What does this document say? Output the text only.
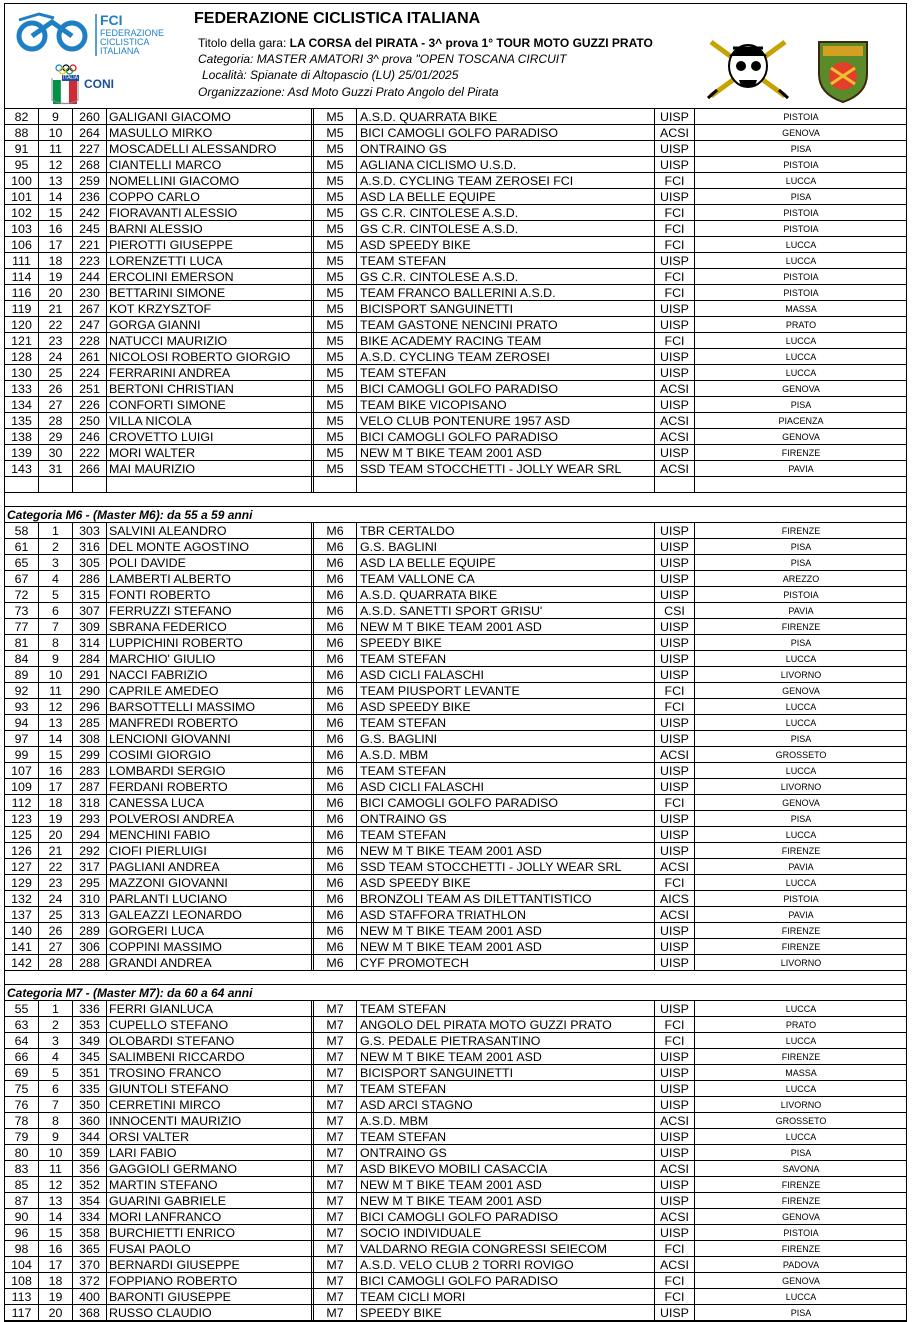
FCI
FEDERAZIONE
CICLISTICA
ITALIANA
ITALIA CONI
FEDERAZIONE CICLISTICA ITALIANA
Titolo della gara: LA CORSA del PIRATA - 3^ prova 1° TOUR MOTO GUZZI PRATO
Categoria: MASTER AMATORI 3^ prova "OPEN TOSCANA CIRCUIT
Località: Spianate di Altopascio (LU) 25/01/2025
Organizzazione: Asd Moto Guzzi Prato Angolo del Pirata
82	9	260 GALIGANI GIACOMO	M5	A.S.D. QUARRATA BIKE	UISP	PISTOIA
88	10	264 MASULLO MIRKO	M5	BICI CAMOGLI GOLFO PARADISO	ACSI	GENOVA
91	11	227 MOSCADELLI ALESSANDRO	M5	ONTRAINO GS	UISP	PISA
95	12	268 CIANTELLI MARCO	M5	AGLIANA CICLISMO U.S.D.	UISP	PISTOIA
100	13	259 NOMELLINI GIACOMO	M5	A.S.D. CYCLING TEAM ZEROSEI FCI	FCI	LUCCA
101	14	236 COPPO CARLO	M5	ASD LA BELLE EQUIPE	UISP	PISA
102	15	242 FIORAVANTI ALESSIO	M5	GS C.R. CINTOLESE A.S.D.	FCI	PISTOIA
103	16	245 BARNI ALESSIO	M5	GS C.R. CINTOLESE A.S.D.	FCI	PISTOIA
106	17	221 PIEROTTI GIUSEPPE	M5	ASD SPEEDY BIKE	FCI	LUCCA
111	18	223 LORENZETTI LUCA	M5	TEAM STEFAN	UISP	LUCCA
114	19	244 ERCOLINI EMERSON	M5	GS C.R. CINTOLESE A.S.D.	FCI	PISTOIA
116	20	230 BETTARINI SIMONE	M5	TEAM FRANCO BALLERINI A.S.D.	FCI	PISTOIA
119	21	267 KOT KRZYSZTOF	M5	BICISPORT SANGUINETTI	UISP	MASSA
120	22	247 GORGA GIANNI	M5	TEAM GASTONE NENCINI PRATO	UISP	PRATO
121	23	228 NATUCCI MAURIZIO	M5	BIKE ACADEMY RACING TEAM	FCI	LUCCA
128	24	261 NICOLOSI ROBERTO GIORGIO	M5	A.S.D. CYCLING TEAM ZEROSEI	UISP	LUCCA
130	25	224 FERRARINI ANDREA	M5	TEAM STEFAN	UISP	LUCCA
133	26	251 BERTONI CHRISTIAN	M5	BICI CAMOGLI GOLFO PARADISO	ACSI	GENOVA
134	27	226 CONFORTI SIMONE	M5	TEAM BIKE VICOPISANO	UISP	PISA
135	28	250 VILLA NICOLA	M5	VELO CLUB PONTENURE 1957 ASD	ACSI	PIACENZA
138	29	246 CROVETTO LUIGI	M5	BICI CAMOGLI GOLFO PARADISO	ACSI	GENOVA
139	30	222 MORI WALTER	M5	NEW M T BIKE TEAM 2001 ASD	UISP	FIRENZE
143	31	266 MAI MAURIZIO	M5	SSD TEAM STOCCHETTI - JOLLY WEAR SRL	ACSI	PAVIA
Categoria M6 - (Master M6): da 55 a 59 anni
58	1	303 SALVINI ALEANDRO	M6	TBR CERTALDO	UISP	FIRENZE
61	2	316 DEL MONTE AGOSTINO	M6	G.S. BAGLINI	UISP	PISA
65	3	305 POLI DAVIDE	M6	ASD LA BELLE EQUIPE	UISP	PISA
67	4	286 LAMBERTI ALBERTO	M6	TEAM VALLONE CA	UISP	AREZZO
72	5	315 FONTI ROBERTO	M6	A.S.D. QUARRATA BIKE	UISP	PISTOIA
73	6	307 FERRUZZI STEFANO	M6	A.S.D. SANETTI SPORT GRISU'	CSI	PAVIA
77	7	309 SBRANA FEDERICO	M6	NEW M T BIKE TEAM 2001 ASD	UISP	FIRENZE
81	8	314 LUPPICHINI ROBERTO	M6	SPEEDY BIKE	UISP	PISA
84	9	284 MARCHIO' GIULIO	M6	TEAM STEFAN	UISP	LUCCA
89	10	291 NACCI FABRIZIO	M6	ASD CICLI FALASCHI	UISP	LIVORNO
92	11	290 CAPRILE AMEDEO	M6	TEAM PIUSPORT LEVANTE	FCI	GENOVA
93	12	296 BARSOTTELLI MASSIMO	M6	ASD SPEEDY BIKE	FCI	LUCCA
94	13	285 MANFREDI ROBERTO	M6	TEAM STEFAN	UISP	LUCCA
97	14	308 LENCIONI GIOVANNI	M6	G.S. BAGLINI	UISP	PISA
99	15	299 COSIMI GIORGIO	M6	A.S.D. MBM	ACSI	GROSSETO
107	16	283 LOMBARDI SERGIO	M6	TEAM STEFAN	UISP	LUCCA
109	17	287 FERDANI ROBERTO	M6	ASD CICLI FALASCHI	UISP	LIVORNO
112	18	318 CANESSA LUCA	M6	BICI CAMOGLI GOLFO PARADISO	FCI	GENOVA
123	19	293 POLVEROSI ANDREA	M6	ONTRAINO GS	UISP	PISA
125	20	294 MENCHINI FABIO	M6	TEAM STEFAN	UISP	LUCCA
126	21	292 CIOFI PIERLUIGI	M6	NEW M T BIKE TEAM 2001 ASD	UISP	FIRENZE
127	22	317 PAGLIANI ANDREA	M6	SSD TEAM STOCCHETTI - JOLLY WEAR SRL	ACSI	PAVIA
129	23	295 MAZZONI GIOVANNI	M6	ASD SPEEDY BIKE	FCI	LUCCA
132	24	310 PARLANTI LUCIANO	M6	BRONZOLI TEAM AS DILETTANTISTICO	AICS	PISTOIA
137	25	313 GALEAZZI LEONARDO	M6	ASD STAFFORA TRIATHLON	ACSI	PAVIA
140	26	289 GORGERI LUCA	M6	NEW M T BIKE TEAM 2001 ASD	UISP	FIRENZE
141	27	306 COPPINI MASSIMO	M6	NEW M T BIKE TEAM 2001 ASD	UISP	FIRENZE
142	28	288 GRANDI ANDREA	M6	CYF PROMOTECH	UISP	LIVORNO
Categoria M7 - (Master M7): da 60 a 64 anni
55	1	336 FERRI GIANLUCA	M7	TEAM STEFAN	UISP	LUCCA
63	2	353 CUPELLO STEFANO	M7	ANGOLO DEL PIRATA MOTO GUZZI PRATO	FCI	PRATO
64	3	349 OLOBARDI STEFANO	M7	G.S. PEDALE PIETRASANTINO	FCI	LUCCA
66	4	345 SALIMBENI RICCARDO	M7	NEW M T BIKE TEAM 2001 ASD	UISP	FIRENZE
69	5	351 TROSINO FRANCO	M7	BICISPORT SANGUINETTI	UISP	MASSA
75	6	335 GIUNTOLI STEFANO	M7	TEAM STEFAN	UISP	LUCCA
76	7	350 CERRETINI MIRCO	M7	ASD ARCI STAGNO	UISP	LIVORNO
78	8	360 INNOCENTI MAURIZIO	M7	A.S.D. MBM	ACSI	GROSSETO
79	9	344 ORSI VALTER	M7	TEAM STEFAN	UISP	LUCCA
80	10	359 LARI FABIO	M7	ONTRAINO GS	UISP	PISA
83	11	356 GAGGIOLI GERMANO	M7	ASD BIKEVO MOBILI CASACCIA	ACSI	SAVONA
85	12	352 MARTIN STEFANO	M7	NEW M T BIKE TEAM 2001 ASD	UISP	FIRENZE
87	13	354 GUARINI GABRIELE	M7	NEW M T BIKE TEAM 2001 ASD	UISP	FIRENZE
90	14	334 MORI LANFRANCO	M7	BICI CAMOGLI GOLFO PARADISO	ACSI	GENOVA
96	15	358 BURCHIETTI ENRICO	M7	SOCIO INDIVIDUALE	UISP	PISTOIA
98	16	365 FUSAI PAOLO	M7	VALDARNO REGIA CONGRESSI SEIECOM	FCI	FIRENZE
104	17	370 BERNARDI GIUSEPPE	M7	A.S.D. VELO CLUB 2 TORRI ROVIGO	ACSI	PADOVA
108	18	372 FOPPIANO ROBERTO	M7	BICI CAMOGLI GOLFO PARADISO	FCI	GENOVA
113	19	400 BARONTI GIUSEPPE	M7	TEAM CICLI MORI	FCI	LUCCA
117	20	368 RUSSO CLAUDIO	M7	SPEEDY BIKE	UISP	PISA
